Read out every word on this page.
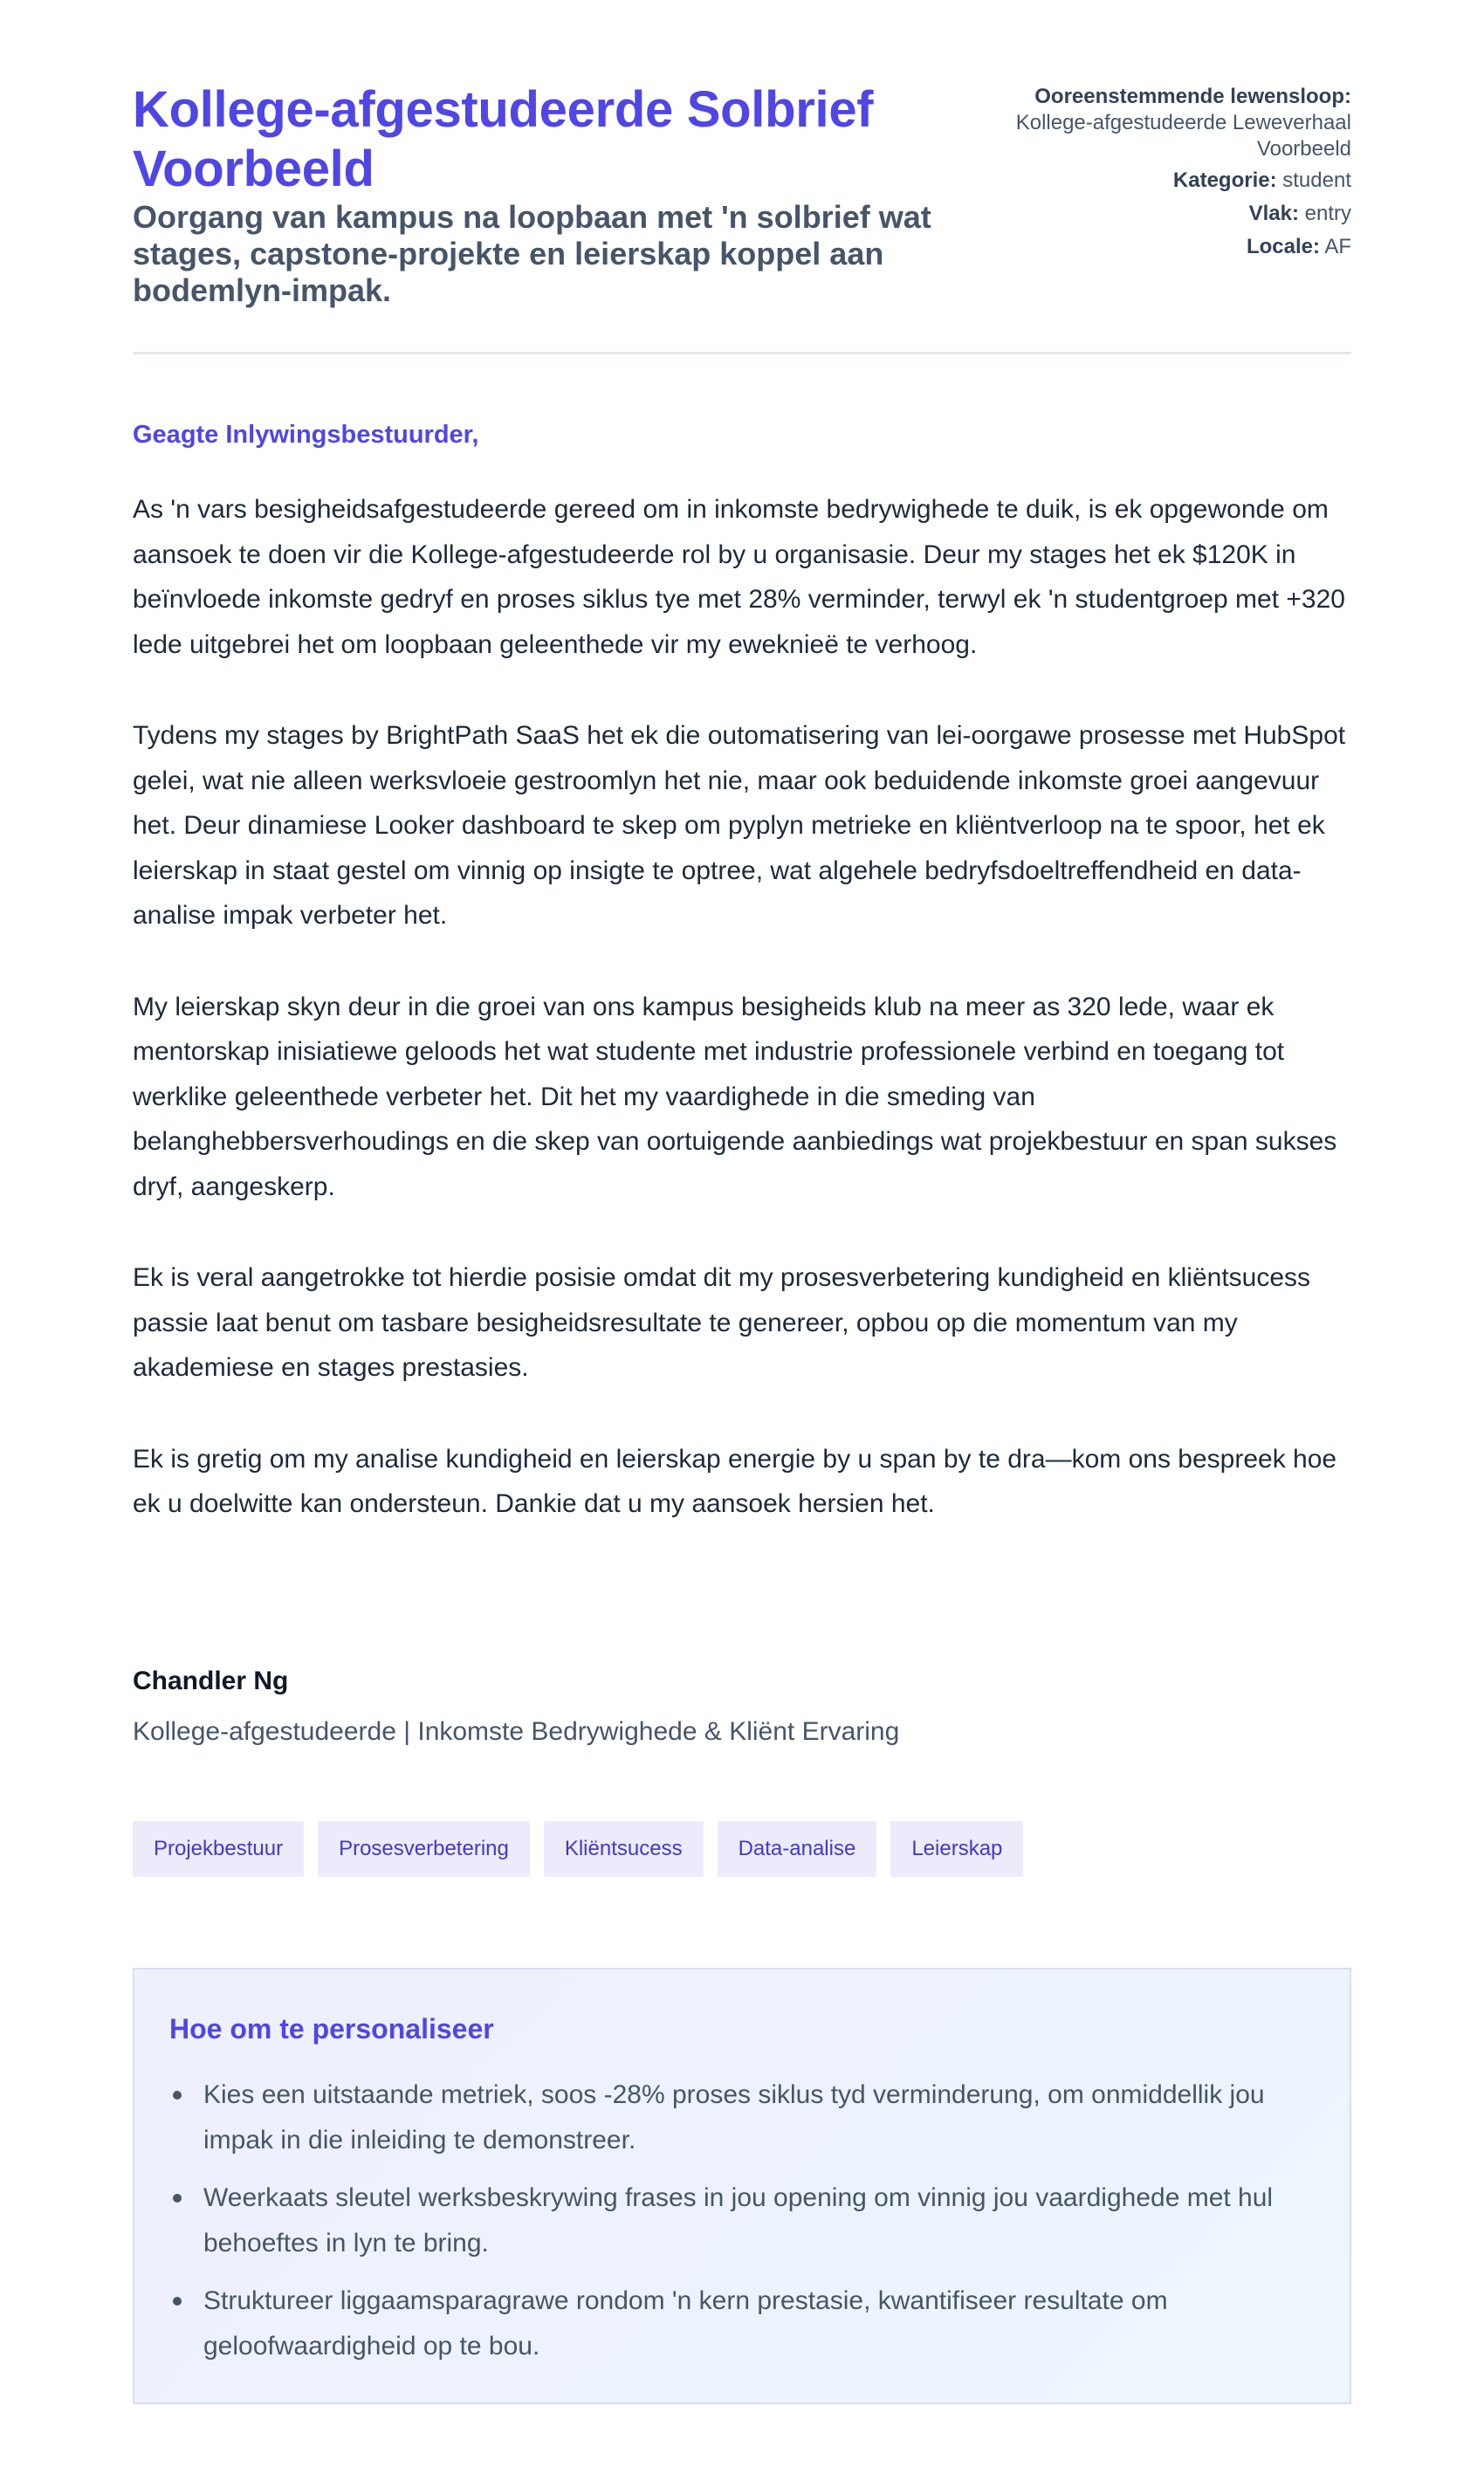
Kollege-afgestudeerde Solbrief Voorbeeld
Oorgang van kampus na loopbaan met 'n solbrief wat stages, capstone-projekte en leierskap koppel aan bodemlyn-impak.
Ooreenstemmende lewensloop:
Kollege-afgestudeerde Leweverhaal Voorbeeld
Kategorie: student
Vlak: entry
Locale: AF
Geagte Inlywingsbestuurder,

As 'n vars besigheidsafgestudeerde gereed om in inkomste bedrywighede te duik, is ek opgewonde om aansoek te doen vir die Kollege-afgestudeerde rol by u organisasie. Deur my stages het ek $120K in beïnvloede inkomste gedryf en proses siklus tye met 28% verminder, terwyl ek 'n studentgroep met +320 lede uitgebrei het om loopbaan geleenthede vir my eweknieë te verhoog.

Tydens my stages by BrightPath SaaS het ek die outomatisering van lei-oorgawe prosesse met HubSpot gelei, wat nie alleen werksvloeie gestroomlyn het nie, maar ook beduidende inkomste groei aangevuur het. Deur dinamiese Looker dashboard te skep om pyplyn metrieke en kliëntverloop na te spoor, het ek leierskap in staat gestel om vinnig op insigte te optree, wat algehele bedryfsdoeltreffendheid en data-analise impak verbeter het.

My leierskap skyn deur in die groei van ons kampus besigheids klub na meer as 320 lede, waar ek mentorskap inisiatiewe geloods het wat studente met industrie professionele verbind en toegang tot werklike geleenthede verbeter het. Dit het my vaardighede in die smeding van belanghebbersverhoudings en die skep van oortuigende aanbiedings wat projekbestuur en span sukses dryf, aangeskerp.

Ek is veral aangetrokke tot hierdie posisie omdat dit my prosesverbetering kundigheid en kliëntsucess passie laat benut om tasbare besigheidsresultate te genereer, opbou op die momentum van my akademiese en stages prestasies.

Ek is gretig om my analise kundigheid en leierskap energie by u span by te dra—kom ons bespreek hoe ek u doelwitte kan ondersteun. Dankie dat u my aansoek hersien het.

Chandler Ng
Kollege-afgestudeerde | Inkomste Bedrywighede & Kliënt Ervaring
Projekbestuur	Prosesverbetering	Kliëntsucess	Data-analise	Leierskap
Hoe om te personaliseer
Kies een uitstaande metriek, soos -28% proses siklus tyd verminderung, om onmiddellik jou impak in die inleiding te demonstreer.
Weerkaats sleutel werksbeskrywing frases in jou opening om vinnig jou vaardighede met hul behoeftes in lyn te bring.
Struktureer liggaamsparagrawe rondom 'n kern prestasie, kwantifiseer resultate om geloofwaardigheid op te bou.
